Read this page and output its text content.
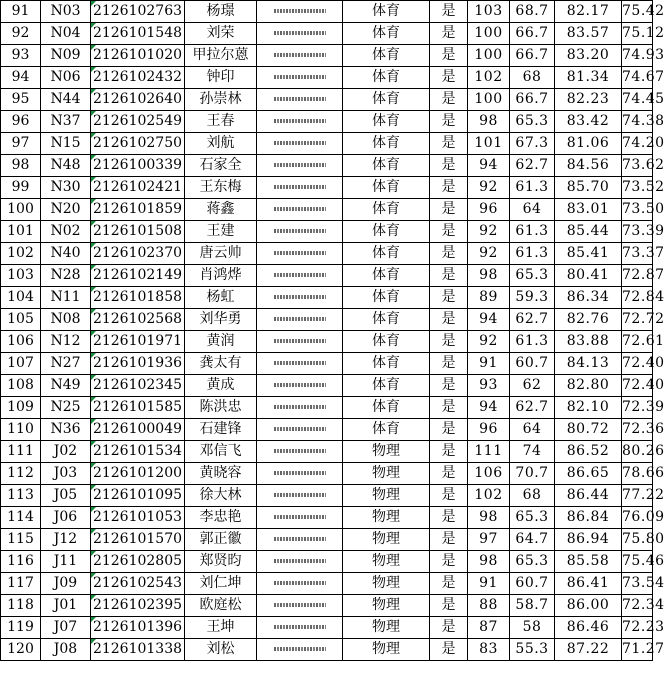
91	N03	2126102763	杨璟		体育	是	103	68.7	82.17	75.42
92	N04	2126101548	刘荣		体育	是	100	66.7	83.57	75.12
93	N09	2126101020	甲拉尔蒽		体育	是	100	66.7	83.20	74.93
94	N06	2126102432	钟印		体育	是	102	68	81.34	74.67
95	N44	2126102640	孙崇林		体育	是	100	66.7	82.23	74.45
96	N37	2126102549	王春		体育	是	98	65.3	83.42	74.38
97	N15	2126102750	刘航		体育	是	101	67.3	81.06	74.20
98	N48	2126100339	石家全		体育	是	94	62.7	84.56	73.62
99	N30	2126102421	王东梅		体育	是	92	61.3	85.70	73.52
100	N20	2126101859	蒋鑫		体育	是	96	64	83.01	73.50
101	N02	2126101508	王建		体育	是	92	61.3	85.44	73.39
102	N40	2126102370	唐云帅		体育	是	92	61.3	85.41	73.37
103	N28	2126102149	肖鸿烨		体育	是	98	65.3	80.41	72.87
104	N11	2126101858	杨虹		体育	是	89	59.3	86.34	72.84
105	N08	2126102568	刘华勇		体育	是	94	62.7	82.76	72.72
106	N12	2126101971	黄润		体育	是	92	61.3	83.88	72.61
107	N27	2126101936	龚太有		体育	是	91	60.7	84.13	72.40
108	N49	2126102345	黄成		体育	是	93	62	82.80	72.40
109	N25	2126101585	陈洪忠		体育	是	94	62.7	82.10	72.39
110	N36	2126100049	石建锋		体育	是	96	64	80.72	72.36
111	J02	2126101534	邓信飞		物理	是	111	74	86.52	80.26
112	J03	2126101200	黄晓容		物理	是	106	70.7	86.65	78.66
113	J05	2126101095	徐大林		物理	是	102	68	86.44	77.22
114	J06	2126101053	李忠艳		物理	是	98	65.3	86.84	76.09
115	J12	2126101570	郭正徽		物理	是	97	64.7	86.94	75.80
116	J11	2126102805	郑贤昀		物理	是	98	65.3	85.58	75.46
117	J09	2126102543	刘仁坤		物理	是	91	60.7	86.41	73.54
118	J01	2126102395	欧庭松		物理	是	88	58.7	86.00	72.34
119	J07	2126101396	王坤		物理	是	87	58	86.46	72.23
120	J08	2126101338	刘松		物理	是	83	55.3	87.22	71.27
